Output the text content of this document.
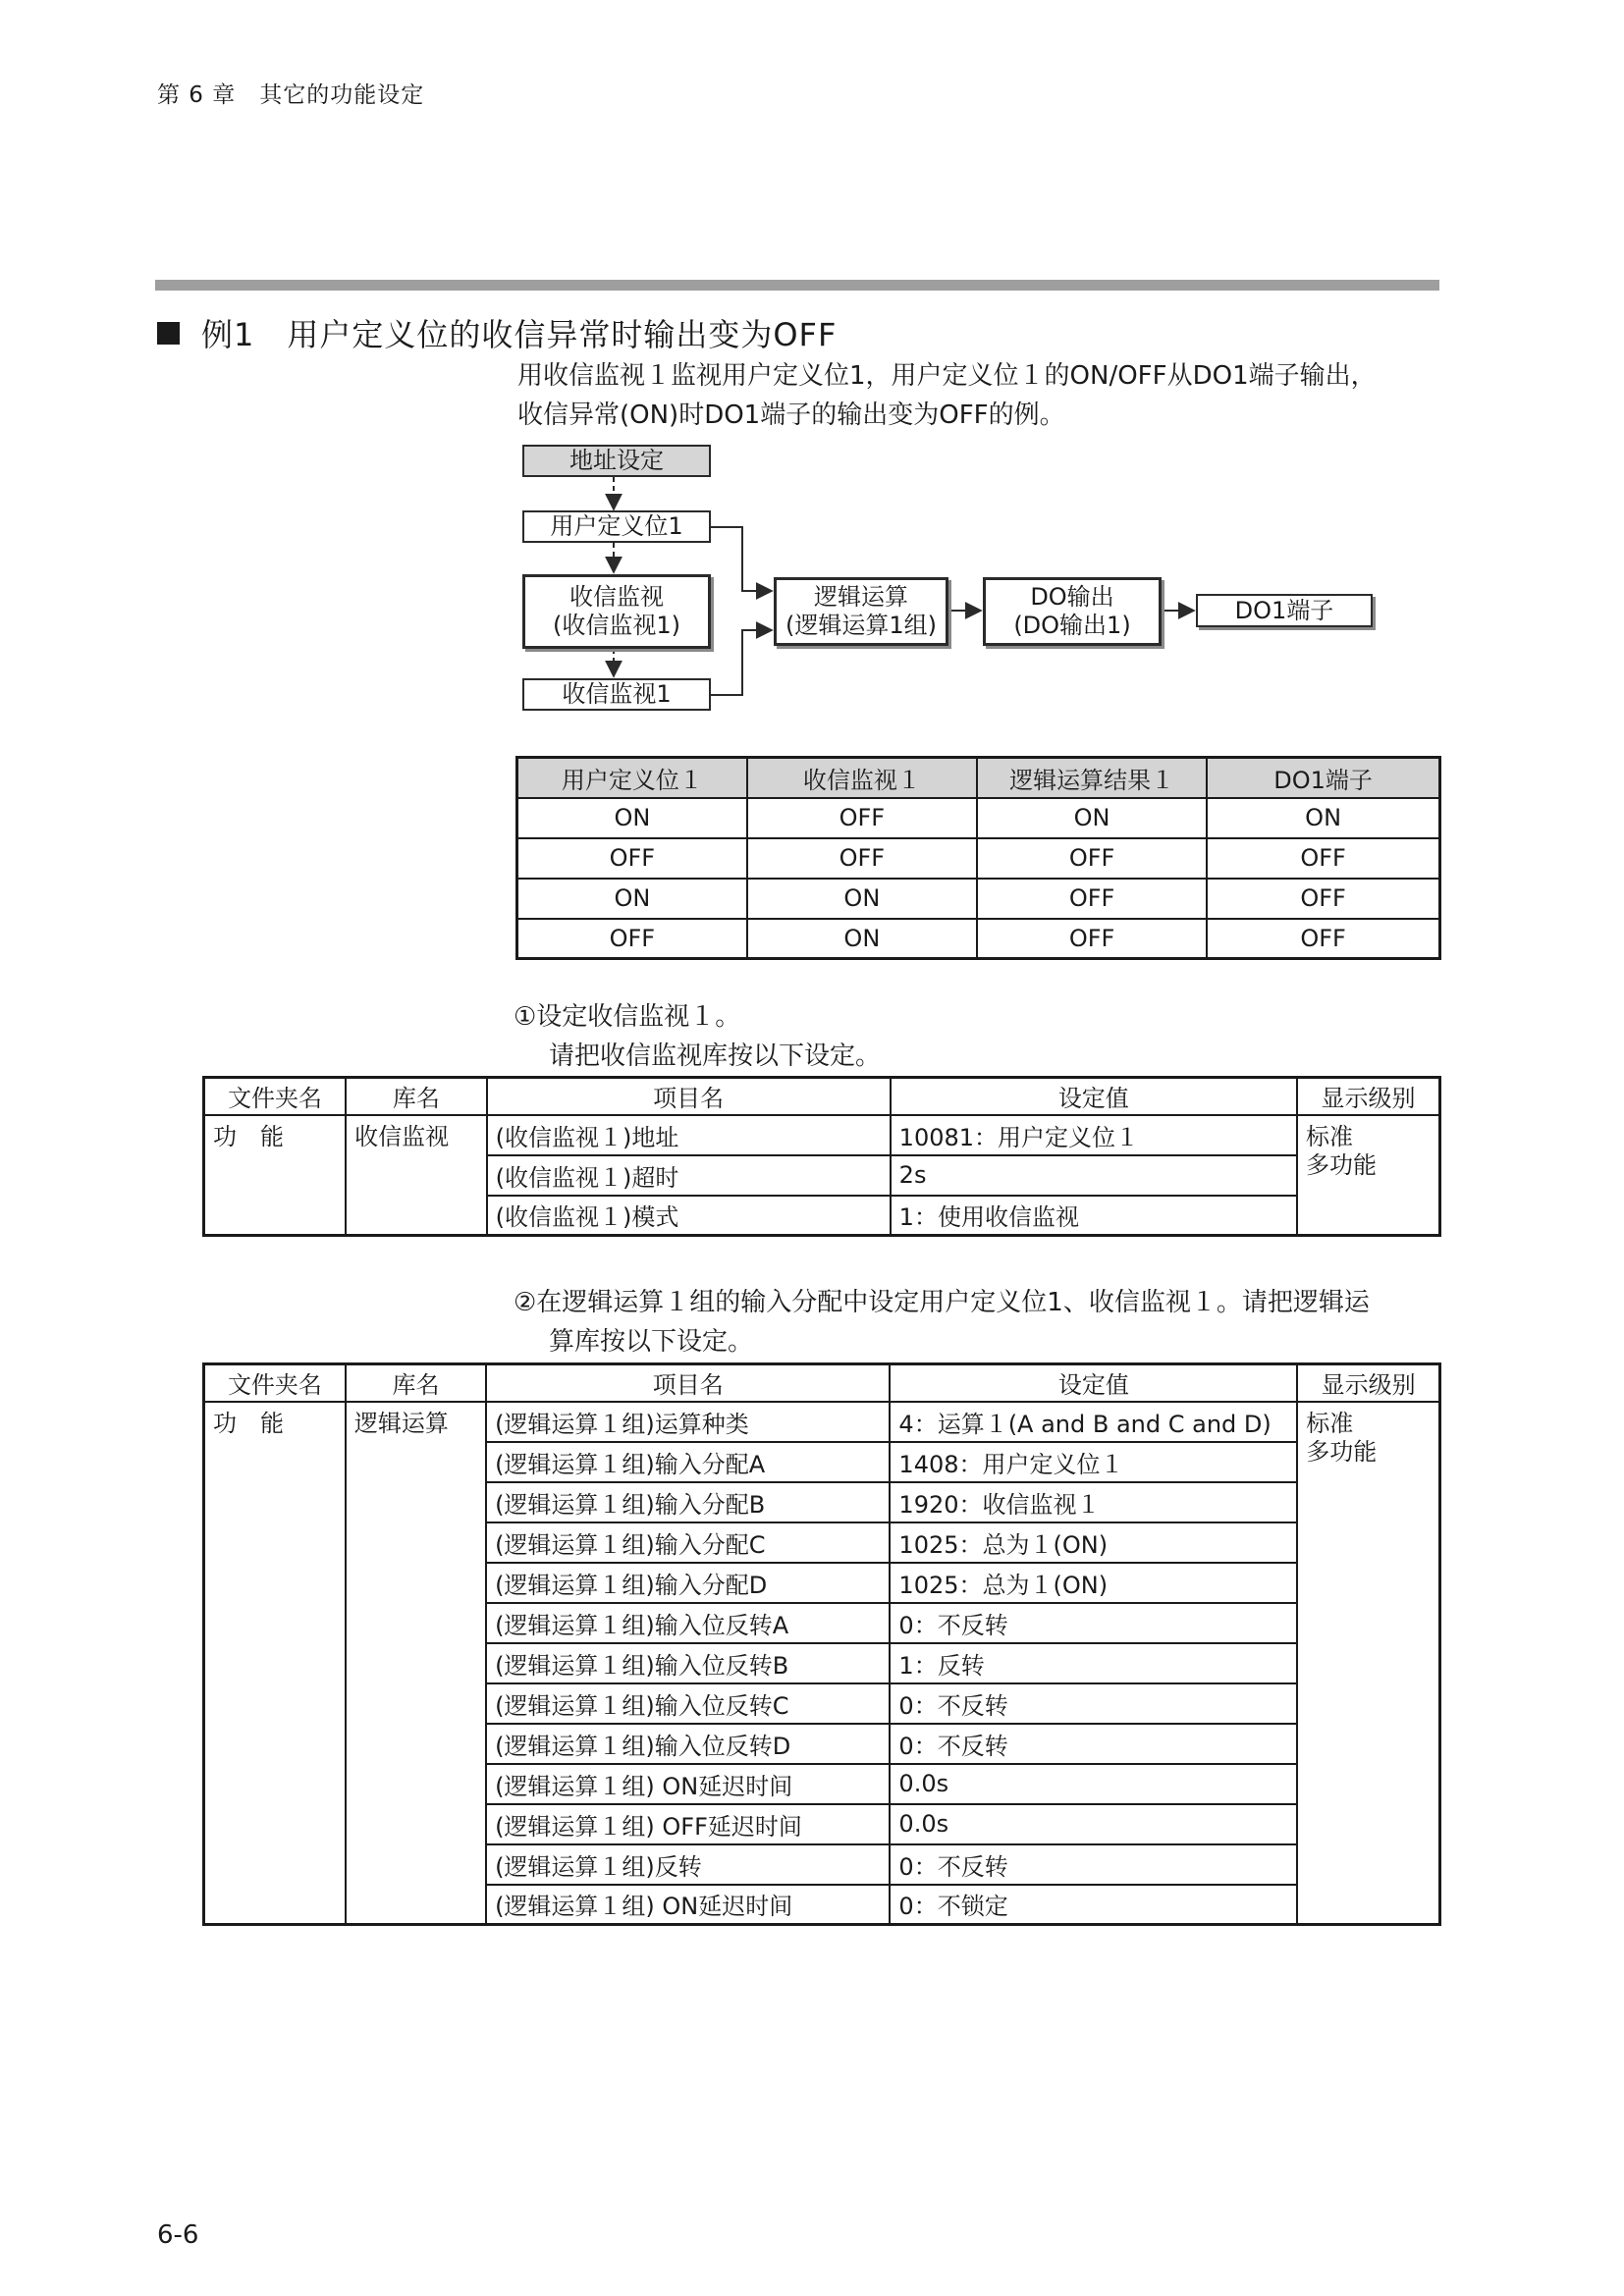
第 6 章　其它的功能设定
例1　用户定义位的收信异常时输出变为OFF
用收信监视１监视用户定义位1，用户定义位１的ON/OFF从DO1端子输出，
收信异常(ON)时DO1端子的输出变为OFF的例。
地址设定
用户定义位1
收信监视
(收信监视1)
收信监视1
逻辑运算
(逻辑运算1组)
DO输出
(DO输出1)
DO1端子
用户定义位１	收信监视１	逻辑运算结果１	DO1端子
ON	OFF	ON	ON
OFF	OFF	OFF	OFF
ON	ON	OFF	OFF
OFF	ON	OFF	OFF
①设定收信监视１。
请把收信监视库按以下设定。
文件夹名	库名	项目名	设定值	显示级别
功　能	收信监视	(收信监视１)地址	10081：用户定义位１	标准
多功能
		(收信监视１)超时	2s	
		(收信监视１)模式	1：使用收信监视	
②在逻辑运算１组的输入分配中设定用户定义位1、收信监视１。请把逻辑运
算库按以下设定。
文件夹名	库名	项目名	设定值	显示级别
功　能	逻辑运算	(逻辑运算１组)运算种类	4：运算１(A and B and C and D)	标准
多功能
		(逻辑运算１组)输入分配A	1408：用户定义位１	
		(逻辑运算１组)输入分配B	1920：收信监视１	
		(逻辑运算１组)输入分配C	1025：总为１(ON)	
		(逻辑运算１组)输入分配D	1025：总为１(ON)	
		(逻辑运算１组)输入位反转A	0：不反转	
		(逻辑运算１组)输入位反转B	1：反转	
		(逻辑运算１组)输入位反转C	0：不反转	
		(逻辑运算１组)输入位反转D	0：不反转	
		(逻辑运算１组) ON延迟时间	0.0s	
		(逻辑运算１组) OFF延迟时间	0.0s	
		(逻辑运算１组)反转	0：不反转	
		(逻辑运算１组) ON延迟时间	0：不锁定	
6-6
